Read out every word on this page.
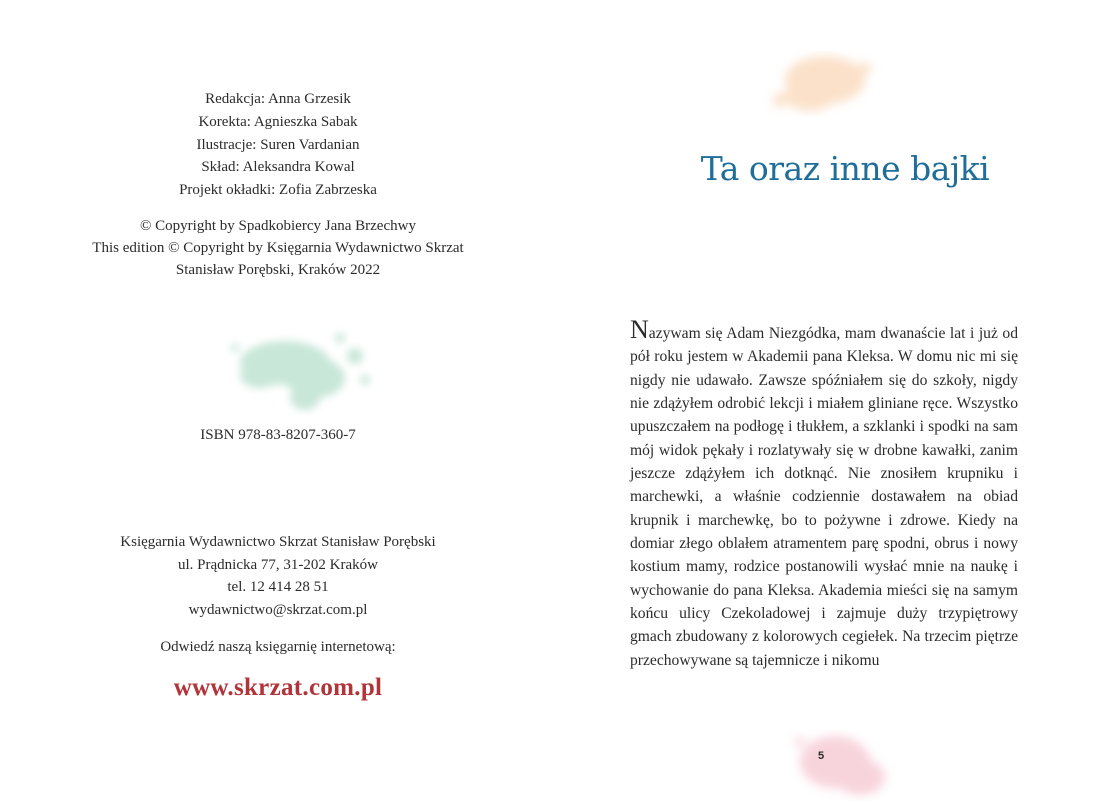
Redakcja: Anna Grzesik
Korekta: Agnieszka Sabak
Ilustracje: Suren Vardanian
Skład: Aleksandra Kowal
Projekt okładki: Zofia Zabrzeska
© Copyright by Spadkobiercy Jana Brzechwy
This edition © Copyright by Księgarnia Wydawnictwo Skrzat
Stanisław Porębski, Kraków 2022
ISBN 978-83-8207-360-7
Księgarnia Wydawnictwo Skrzat Stanisław Porębski
ul. Prądnicka 77, 31-202 Kraków
tel. 12 414 28 51
wydawnictwo@skrzat.com.pl
Odwiedź naszą księgarnię internetową:
www.skrzat.com.pl
Ta oraz inne bajki

Nazywam się Adam Niezgódka, mam dwanaście lat i już od pół roku jestem w Akademii pana Kleksa. W domu nic mi się nigdy nie udawało. Zawsze spóźniałem się do szkoły, nigdy nie zdążyłem odrobić lekcji i miałem gliniane ręce. Wszystko upuszczałem na podłogę i tłukłem, a szklanki i spodki na sam mój widok pękały i rozlatywały się w drobne kawałki, zanim jeszcze zdążyłem ich dotknąć. Nie znosiłem krupniku i marchewki, a właśnie codziennie dostawałem na obiad krupnik i marchewkę, bo to pożywne i zdrowe. Kiedy na domiar złego oblałem atramentem parę spodni, obrus i nowy kostium mamy, rodzice postanowili wysłać mnie na naukę i wychowanie do pana Kleksa. Akademia mieści się na samym końcu ulicy Czekoladowej i zajmuje duży trzypiętrowy gmach zbudowany z kolorowych cegiełek. Na trzecim piętrze przechowywane są tajemnicze i nikomu

5
